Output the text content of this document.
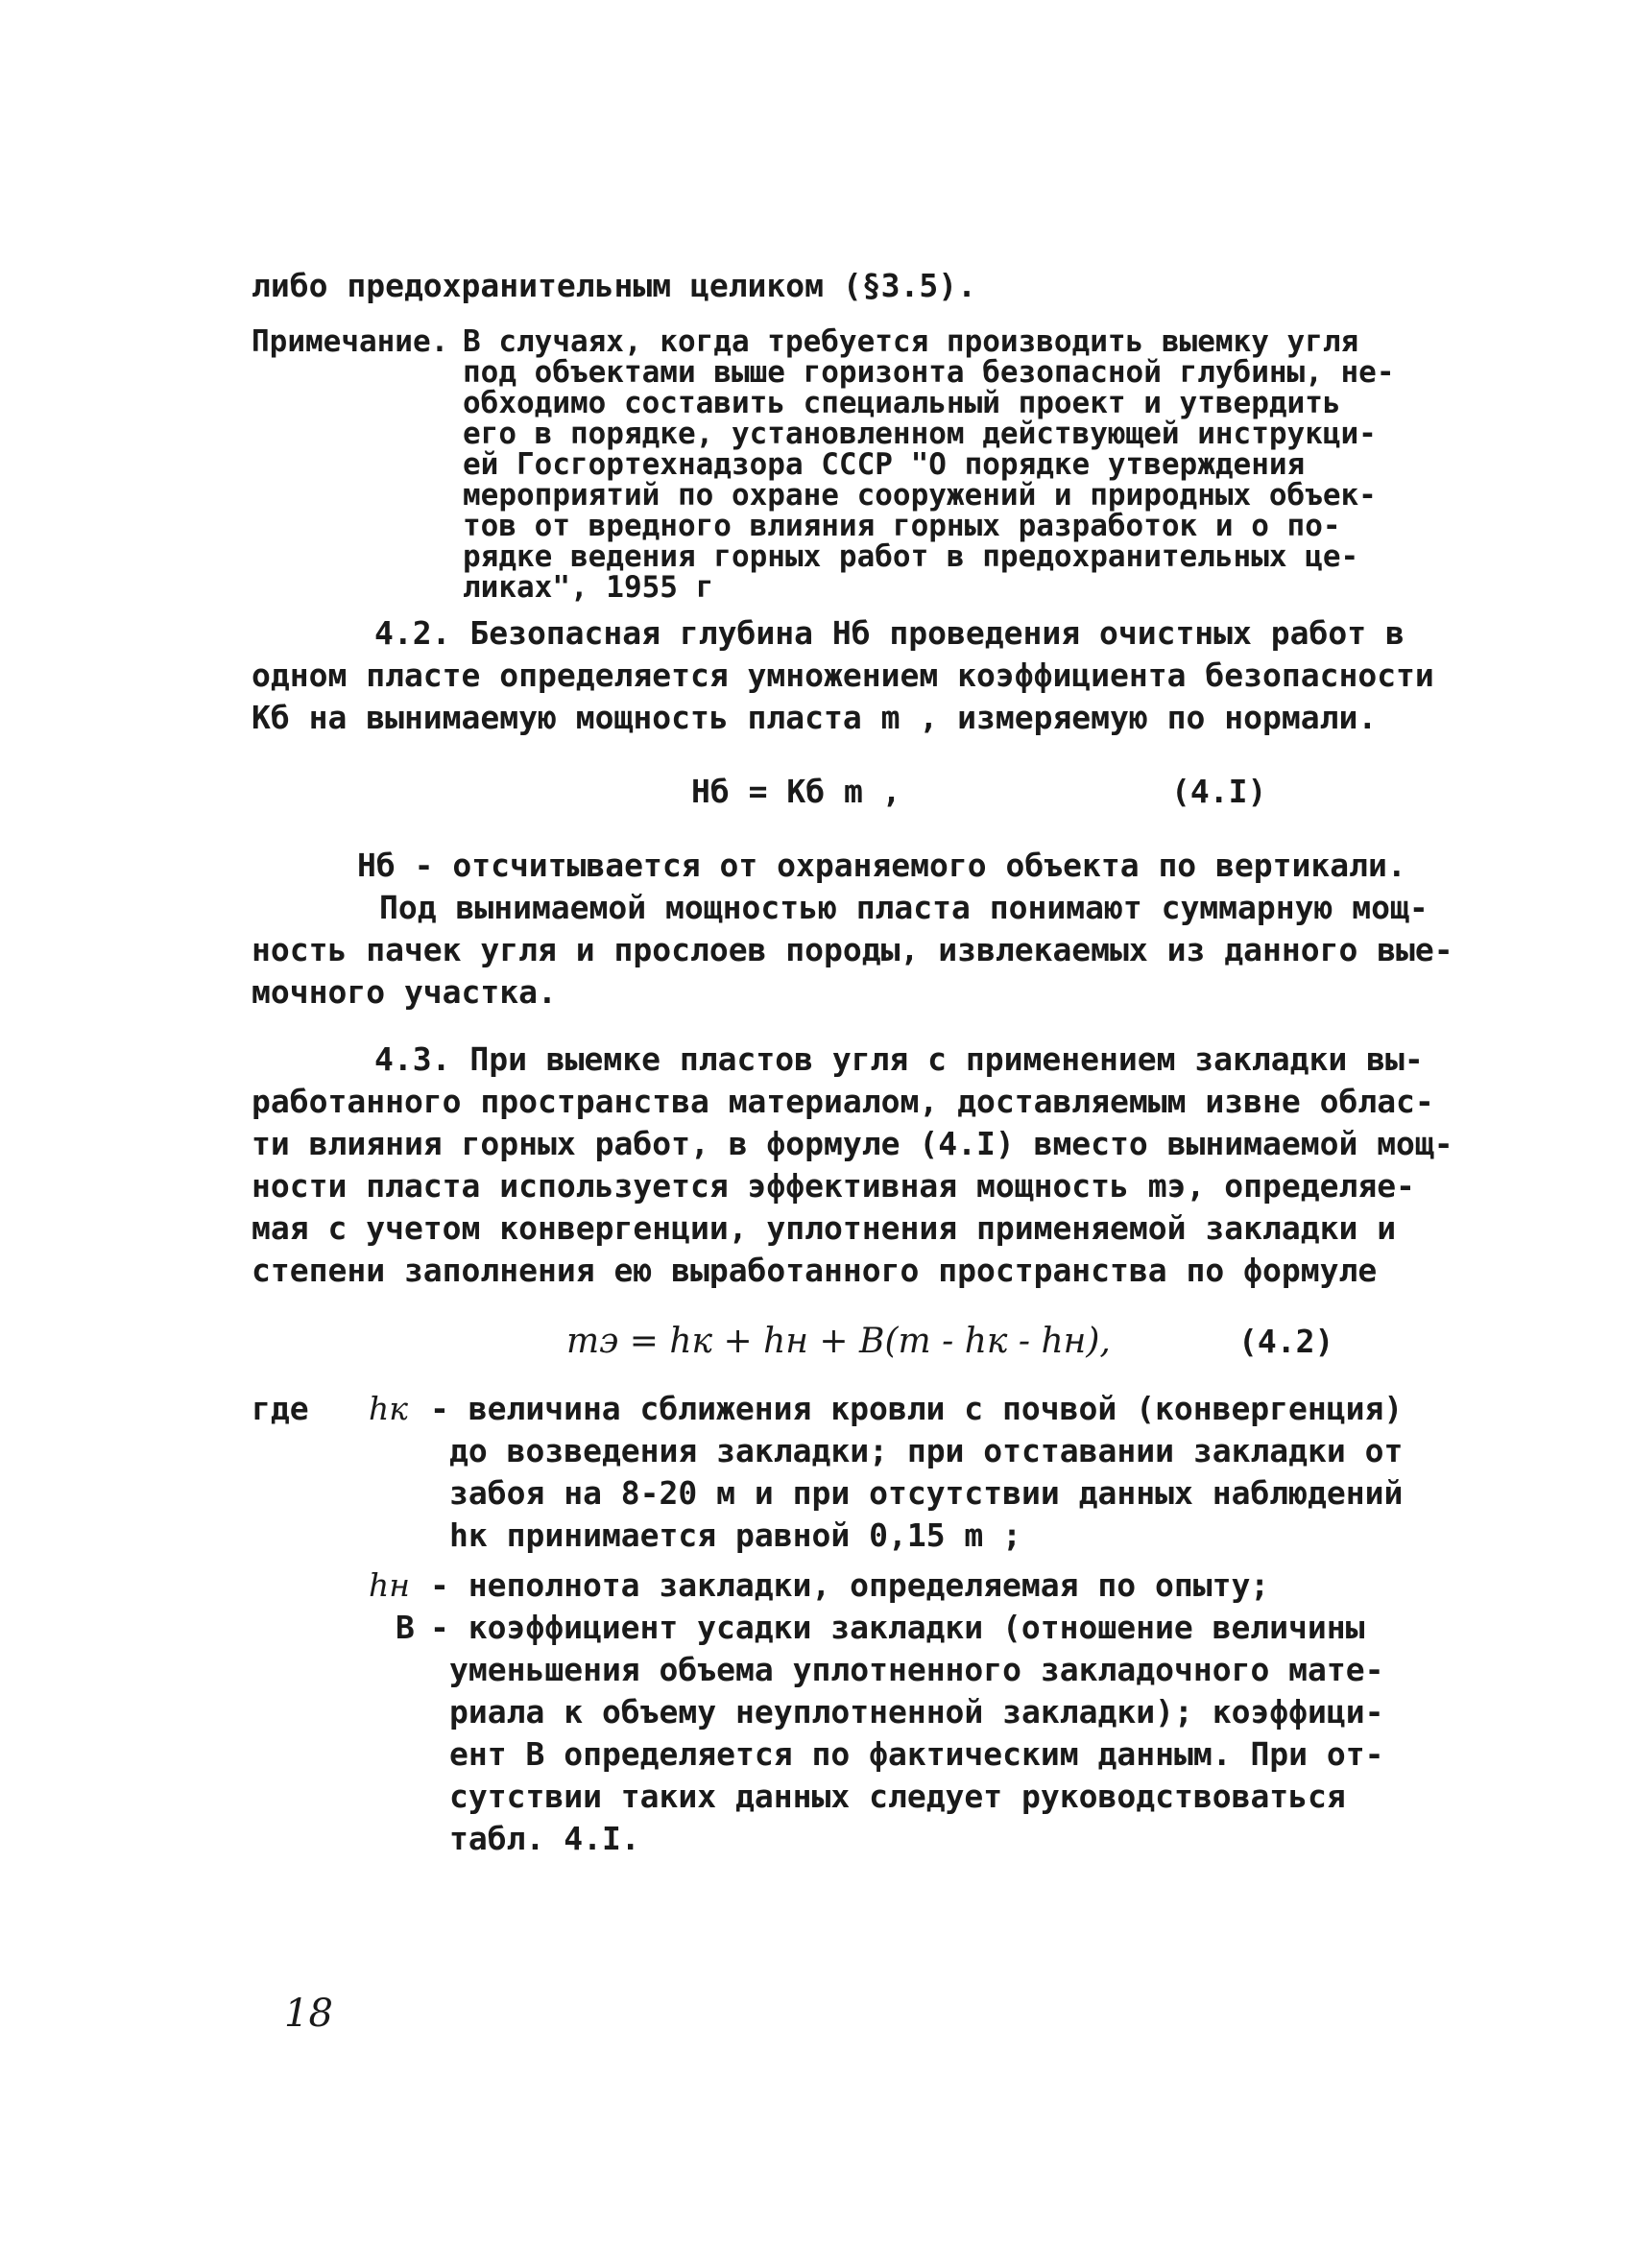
либо предохранительным целиком (§3.5).
Примечание. В случаях, когда требуется производить выемку угля
под объектами выше горизонта безопасной глубины, не-
обходимо составить специальный проект и утвердить
его в порядке, установленном действующей инструкци-
ей Госгортехнадзора СССР "О порядке утверждения
мероприятий по охране сооружений и природных объек-
тов от вредного влияния горных разработок и о по-
рядке ведения горных работ в предохранительных це-
ликах", 1955 г
4.2. Безопасная глубина Нб проведения очистных работ в
одном пласте определяется умножением коэффициента безопасности
Кб на вынимаемую мощность пласта m , измеряемую по нормали.
Нб = Кб m ,	(4.I)
Нб - отсчитывается от охраняемого объекта по вертикали.
Под вынимаемой мощностью пласта понимают суммарную мощ-
ность пачек угля и прослоев породы, извлекаемых из данного вые-
мочного участка.
4.3. При выемке пластов угля с применением закладки вы-
работанного пространства материалом, доставляемым извне облас-
ти влияния горных работ, в формуле (4.I) вместо вынимаемой мощ-
ности пласта используется эффективная мощность mэ, определяе-
мая с учетом конвергенции, уплотнения применяемой закладки и
степени заполнения ею выработанного пространства по формуле
mэ = hк + hн + B(m - hк - hн),	(4.2)
где hк - величина сближения кровли с почвой (конвергенция)
до возведения закладки; при отставании закладки от
забоя на 8-20 м и при отсутствии данных наблюдений
hк принимается равной 0,15 m ;
hн - неполнота закладки, определяемая по опыту;
В - коэффициент усадки закладки (отношение величины
уменьшения объема уплотненного закладочного мате-
риала к объему неуплотненной закладки); коэффици-
ент В определяется по фактическим данным. При от-
сутствии таких данных следует руководствоваться
табл. 4.I.
18
